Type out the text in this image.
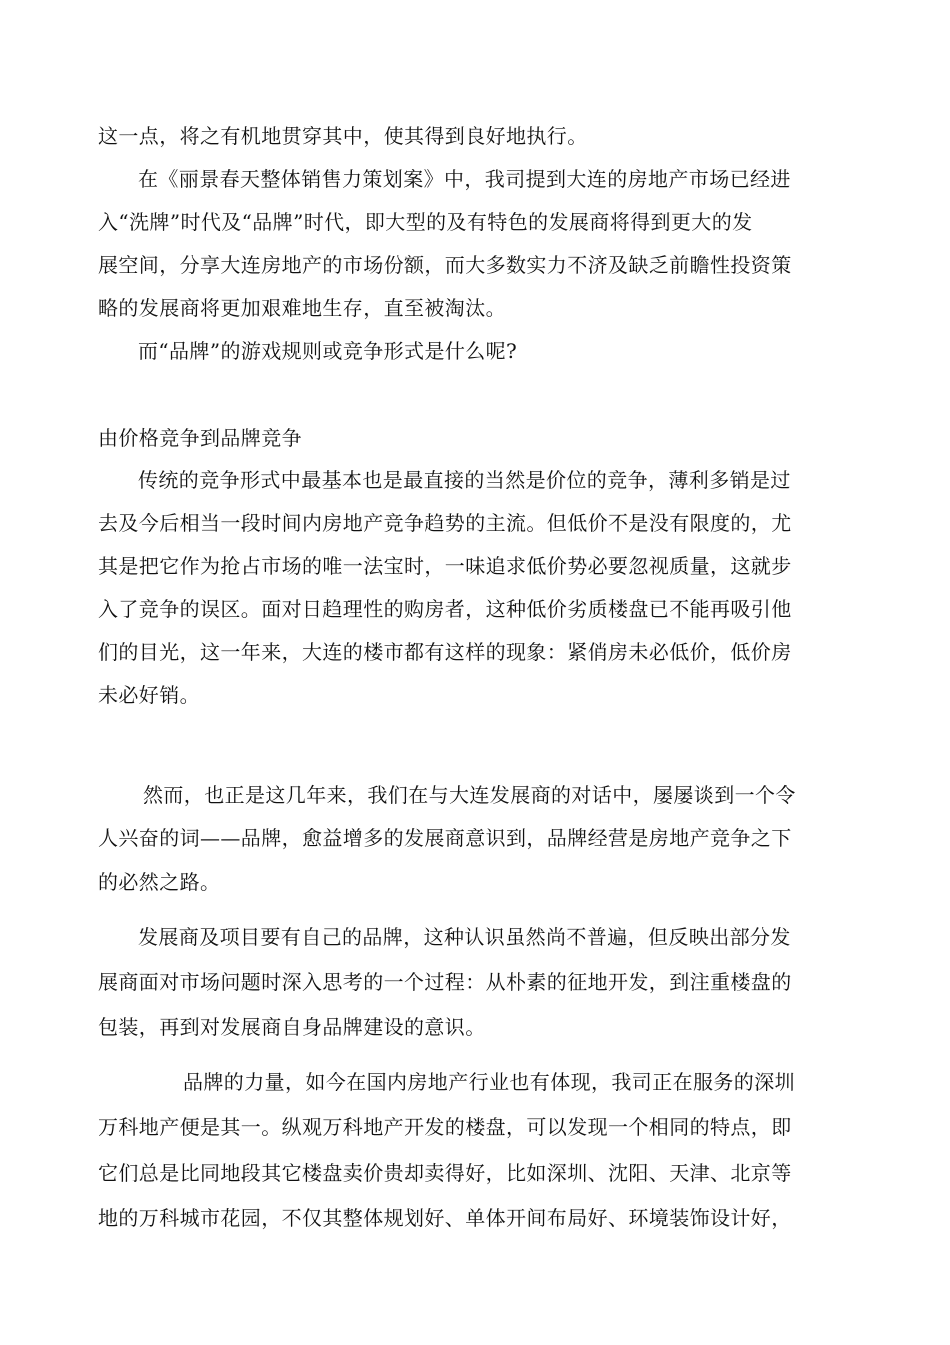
这一点，将之有机地贯穿其中，使其得到良好地执行。
在《丽景春天整体销售力策划案》中，我司提到大连的房地产市场已经进
入“洗牌”时代及“品牌”时代，即大型的及有特色的发展商将得到更大的发
展空间，分享大连房地产的市场份额，而大多数实力不济及缺乏前瞻性投资策
略的发展商将更加艰难地生存，直至被淘汰。
而“品牌”的游戏规则或竞争形式是什么呢?
由价格竞争到品牌竞争
传统的竞争形式中最基本也是最直接的当然是价位的竞争，薄利多销是过
去及今后相当一段时间内房地产竞争趋势的主流。但低价不是没有限度的，尤
其是把它作为抢占市场的唯一法宝时，一味追求低价势必要忽视质量，这就步
入了竞争的误区。面对日趋理性的购房者，这种低价劣质楼盘已不能再吸引他
们的目光，这一年来，大连的楼市都有这样的现象：紧俏房未必低价，低价房
未必好销。
然而，也正是这几年来，我们在与大连发展商的对话中，屡屡谈到一个令
人兴奋的词——品牌，愈益增多的发展商意识到，品牌经营是房地产竞争之下
的必然之路。
发展商及项目要有自己的品牌，这种认识虽然尚不普遍，但反映出部分发
展商面对市场问题时深入思考的一个过程：从朴素的征地开发，到注重楼盘的
包装，再到对发展商自身品牌建设的意识。
品牌的力量，如今在国内房地产行业也有体现，我司正在服务的深圳
万科地产便是其一。纵观万科地产开发的楼盘，可以发现一个相同的特点，即
它们总是比同地段其它楼盘卖价贵却卖得好，比如深圳、沈阳、天津、北京等
地的万科城市花园，不仅其整体规划好、单体开间布局好、环境装饰设计好，
